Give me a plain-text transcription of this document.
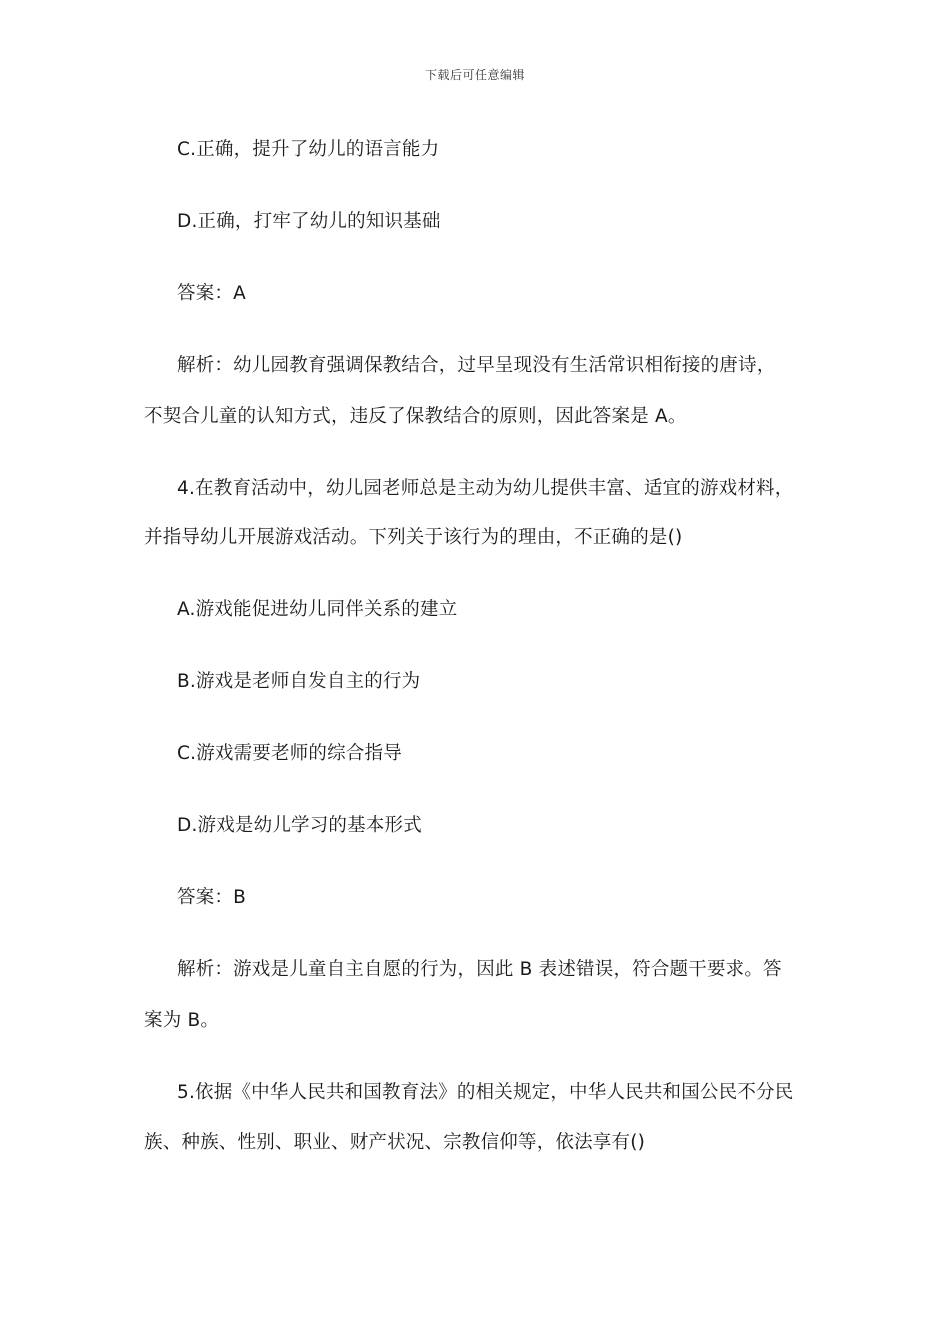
下载后可任意编辑
C.正确，提升了幼儿的语言能力
D.正确，打牢了幼儿的知识基础
答案：A
解析：幼儿园教育强调保教结合，过早呈现没有生活常识相衔接的唐诗，
不契合儿童的认知方式，违反了保教结合的原则，因此答案是 A。
4.在教育活动中，幼儿园老师总是主动为幼儿提供丰富、适宜的游戏材料，
并指导幼儿开展游戏活动。下列关于该行为的理由，不正确的是()
A.游戏能促进幼儿同伴关系的建立
B.游戏是老师自发自主的行为
C.游戏需要老师的综合指导
D.游戏是幼儿学习的基本形式
答案：B
解析：游戏是儿童自主自愿的行为，因此 B 表述错误，符合题干要求。答
案为 B。
5.依据《中华人民共和国教育法》的相关规定，中华人民共和国公民不分民
族、种族、性别、职业、财产状况、宗教信仰等，依法享有()
